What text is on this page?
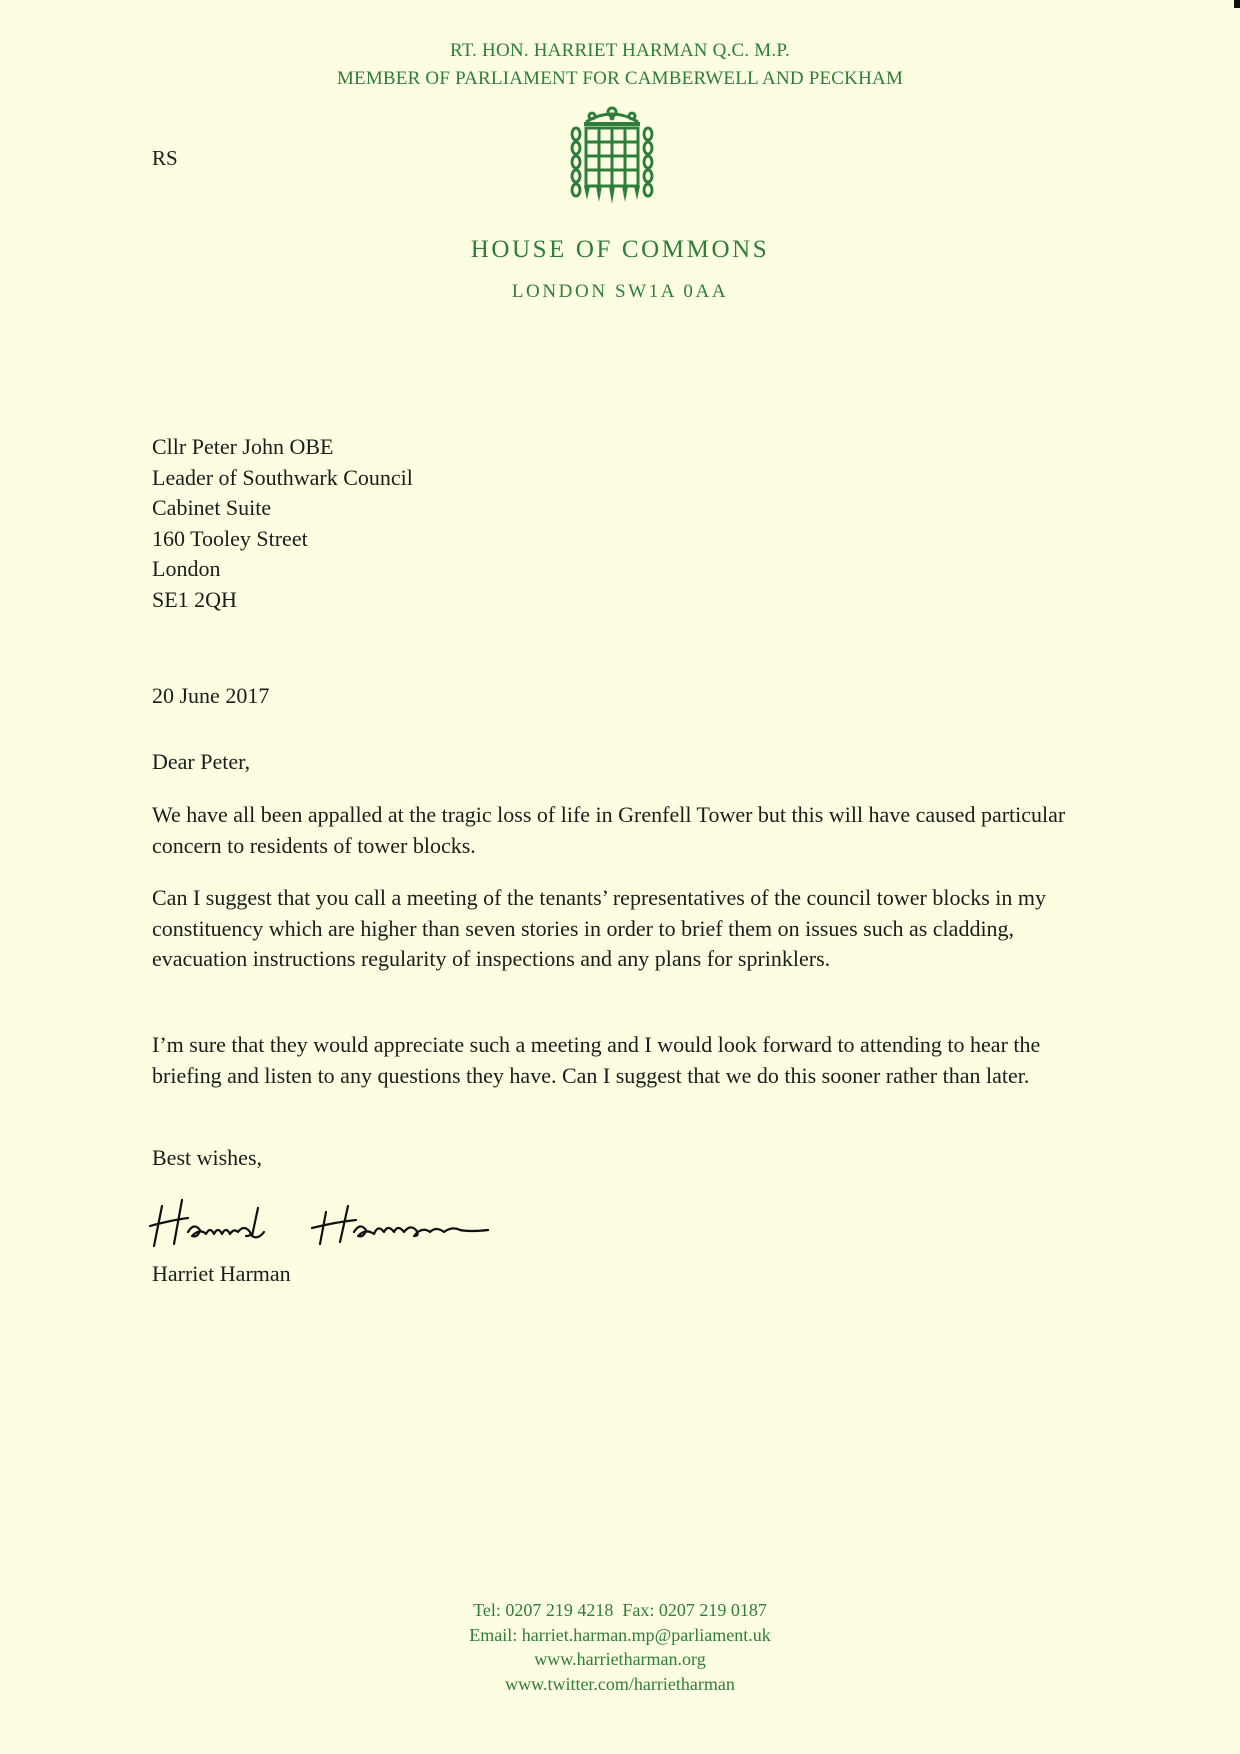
RT. HON. HARRIET HARMAN Q.C. M.P.
MEMBER OF PARLIAMENT FOR CAMBERWELL AND PECKHAM
RS
HOUSE OF COMMONS
LONDON SW1A 0AA
Cllr Peter John OBE
Leader of Southwark Council
Cabinet Suite
160 Tooley Street
London
SE1 2QH
20 June 2017
Dear Peter,

We have all been appalled at the tragic loss of life in Grenfell Tower but this will have caused particular concern to residents of tower blocks.

Can I suggest that you call a meeting of the tenants’ representatives of the council tower blocks in my constituency which are higher than seven stories in order to brief them on issues such as cladding, evacuation instructions regularity of inspections and any plans for sprinklers.

I’m sure that they would appreciate such a meeting and I would look forward to attending to hear the briefing and listen to any questions they have. Can I suggest that we do this sooner rather than later.

Best wishes,
Harriet Harman
Tel: 0207 219 4218  Fax: 0207 219 0187
Email: harriet.harman.mp@parliament.uk
www.harrietharman.org
www.twitter.com/harrietharman
